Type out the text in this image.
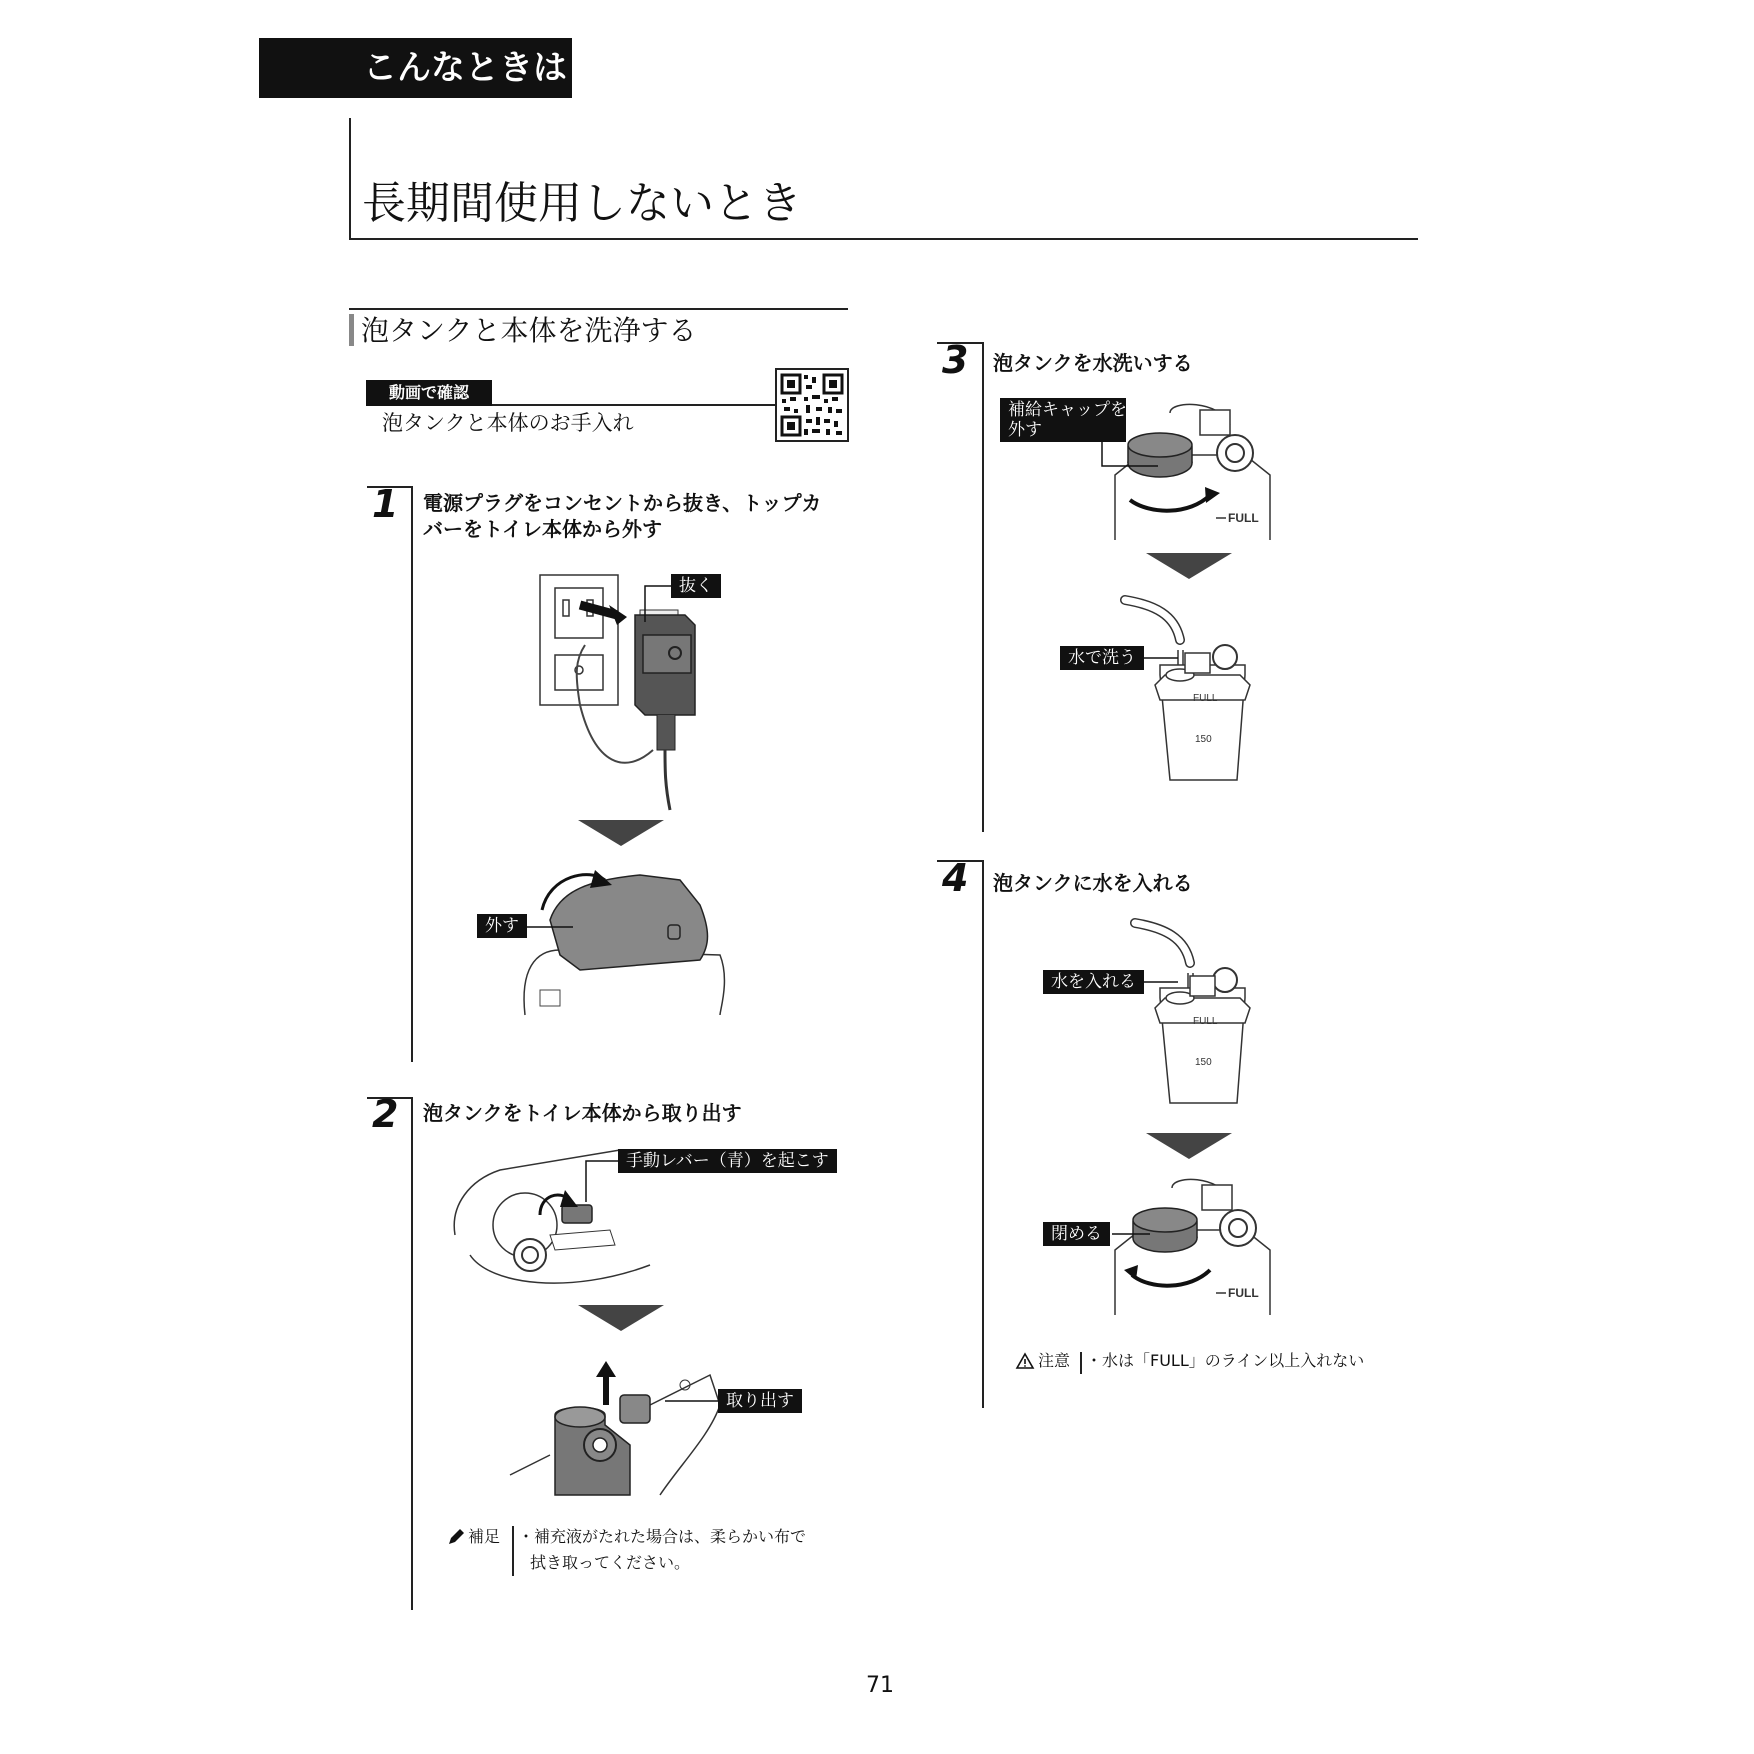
こんなときは
長期間使用しないとき
泡タンクと本体を洗浄する
動画で確認
泡タンクと本体のお手入れ
1 電源プラグをコンセントから抜き、トップカ
バーをトイレ本体から外す
抜く
外す
2 泡タンクをトイレ本体から取り出す
手動レバー（青）を起こす
取り出す
補足 ・補充液がたれた場合は、柔らかい布で
拭き取ってください。
3 泡タンクを水洗いする
FULL
補給キャップを
外す
FULL
150
水で洗う
4 泡タンクに水を入れる
FULL
150
水を入れる
FULL
閉める
注意 ・水は「FULL」のライン以上入れない
71
